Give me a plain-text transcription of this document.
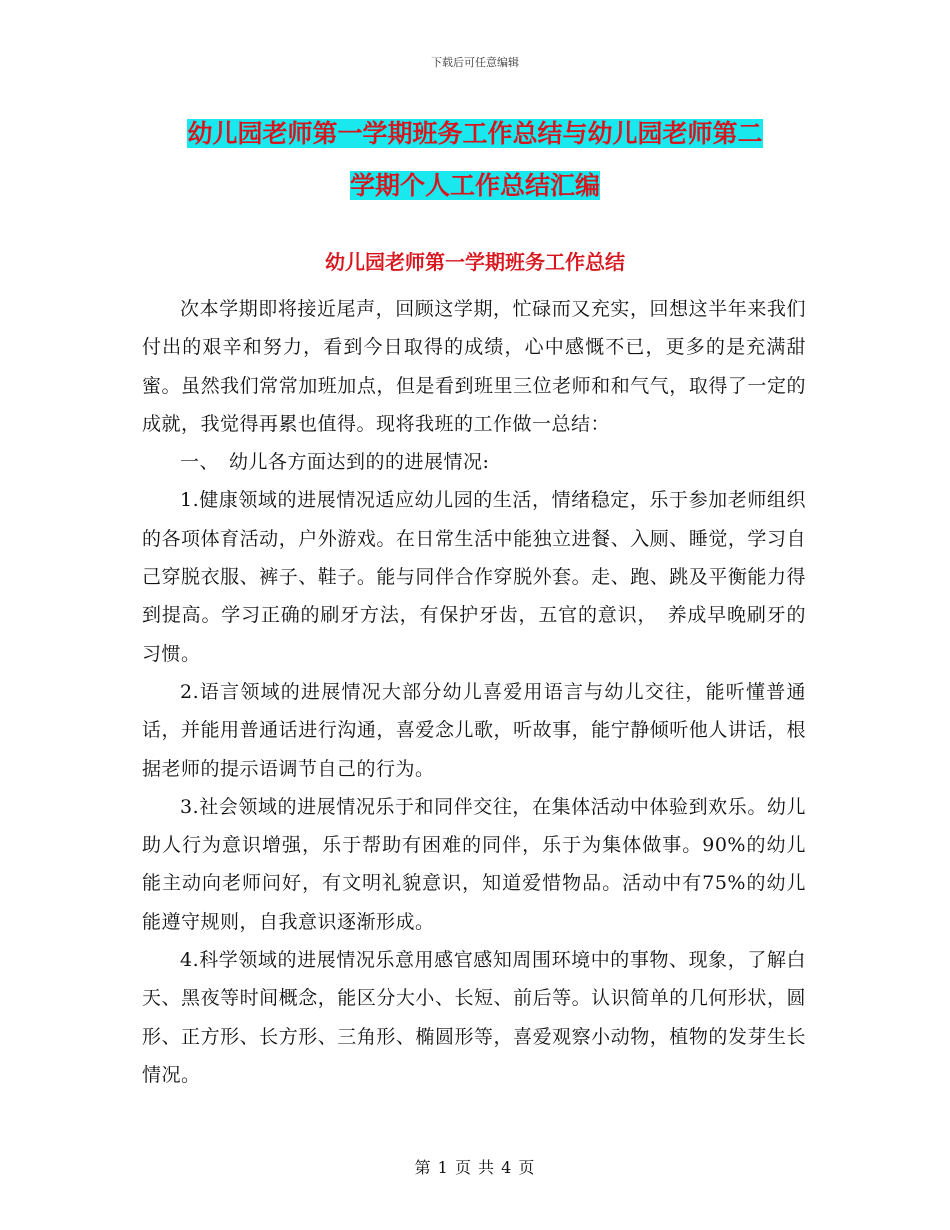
下载后可任意编辑
幼儿园老师第一学期班务工作总结与幼儿园老师第二
学期个人工作总结汇编
幼儿园老师第一学期班务工作总结

次本学期即将接近尾声，回顾这学期，忙碌而又充实，回想这半年来我们付出的艰辛和努力，看到今日取得的成绩，心中感慨不已，更多的是充满甜蜜。虽然我们常常加班加点，但是看到班里三位老师和和气气，取得了一定的成就，我觉得再累也值得。现将我班的工作做一总结：

一、　幼儿各方面达到的的进展情况:

1.健康领域的进展情况适应幼儿园的生活，情绪稳定，乐于参加老师组织的各项体育活动，户外游戏。在日常生活中能独立进餐、入厕、睡觉，学习自己穿脱衣服、裤子、鞋子。能与同伴合作穿脱外套。走、跑、跳及平衡能力得到提高。学习正确的刷牙方法，有保护牙齿，五官的意识，　养成早晚刷牙的习惯。

2.语言领域的进展情况大部分幼儿喜爱用语言与幼儿交往，能听懂普通话，并能用普通话进行沟通，喜爱念儿歌，听故事，能宁静倾听他人讲话，根据老师的提示语调节自己的行为。

3.社会领域的进展情况乐于和同伴交往，在集体活动中体验到欢乐。幼儿助人行为意识增强，乐于帮助有困难的同伴，乐于为集体做事。90%的幼儿能主动向老师问好，有文明礼貌意识，知道爱惜物品。活动中有75%的幼儿能遵守规则，自我意识逐渐形成。

4.科学领域的进展情况乐意用感官感知周围环境中的事物、现象，了解白天、黑夜等时间概念，能区分大小、长短、前后等。认识简单的几何形状，圆形、正方形、长方形、三角形、椭圆形等，喜爱观察小动物，植物的发芽生长情况。

第 1 页 共 4 页
